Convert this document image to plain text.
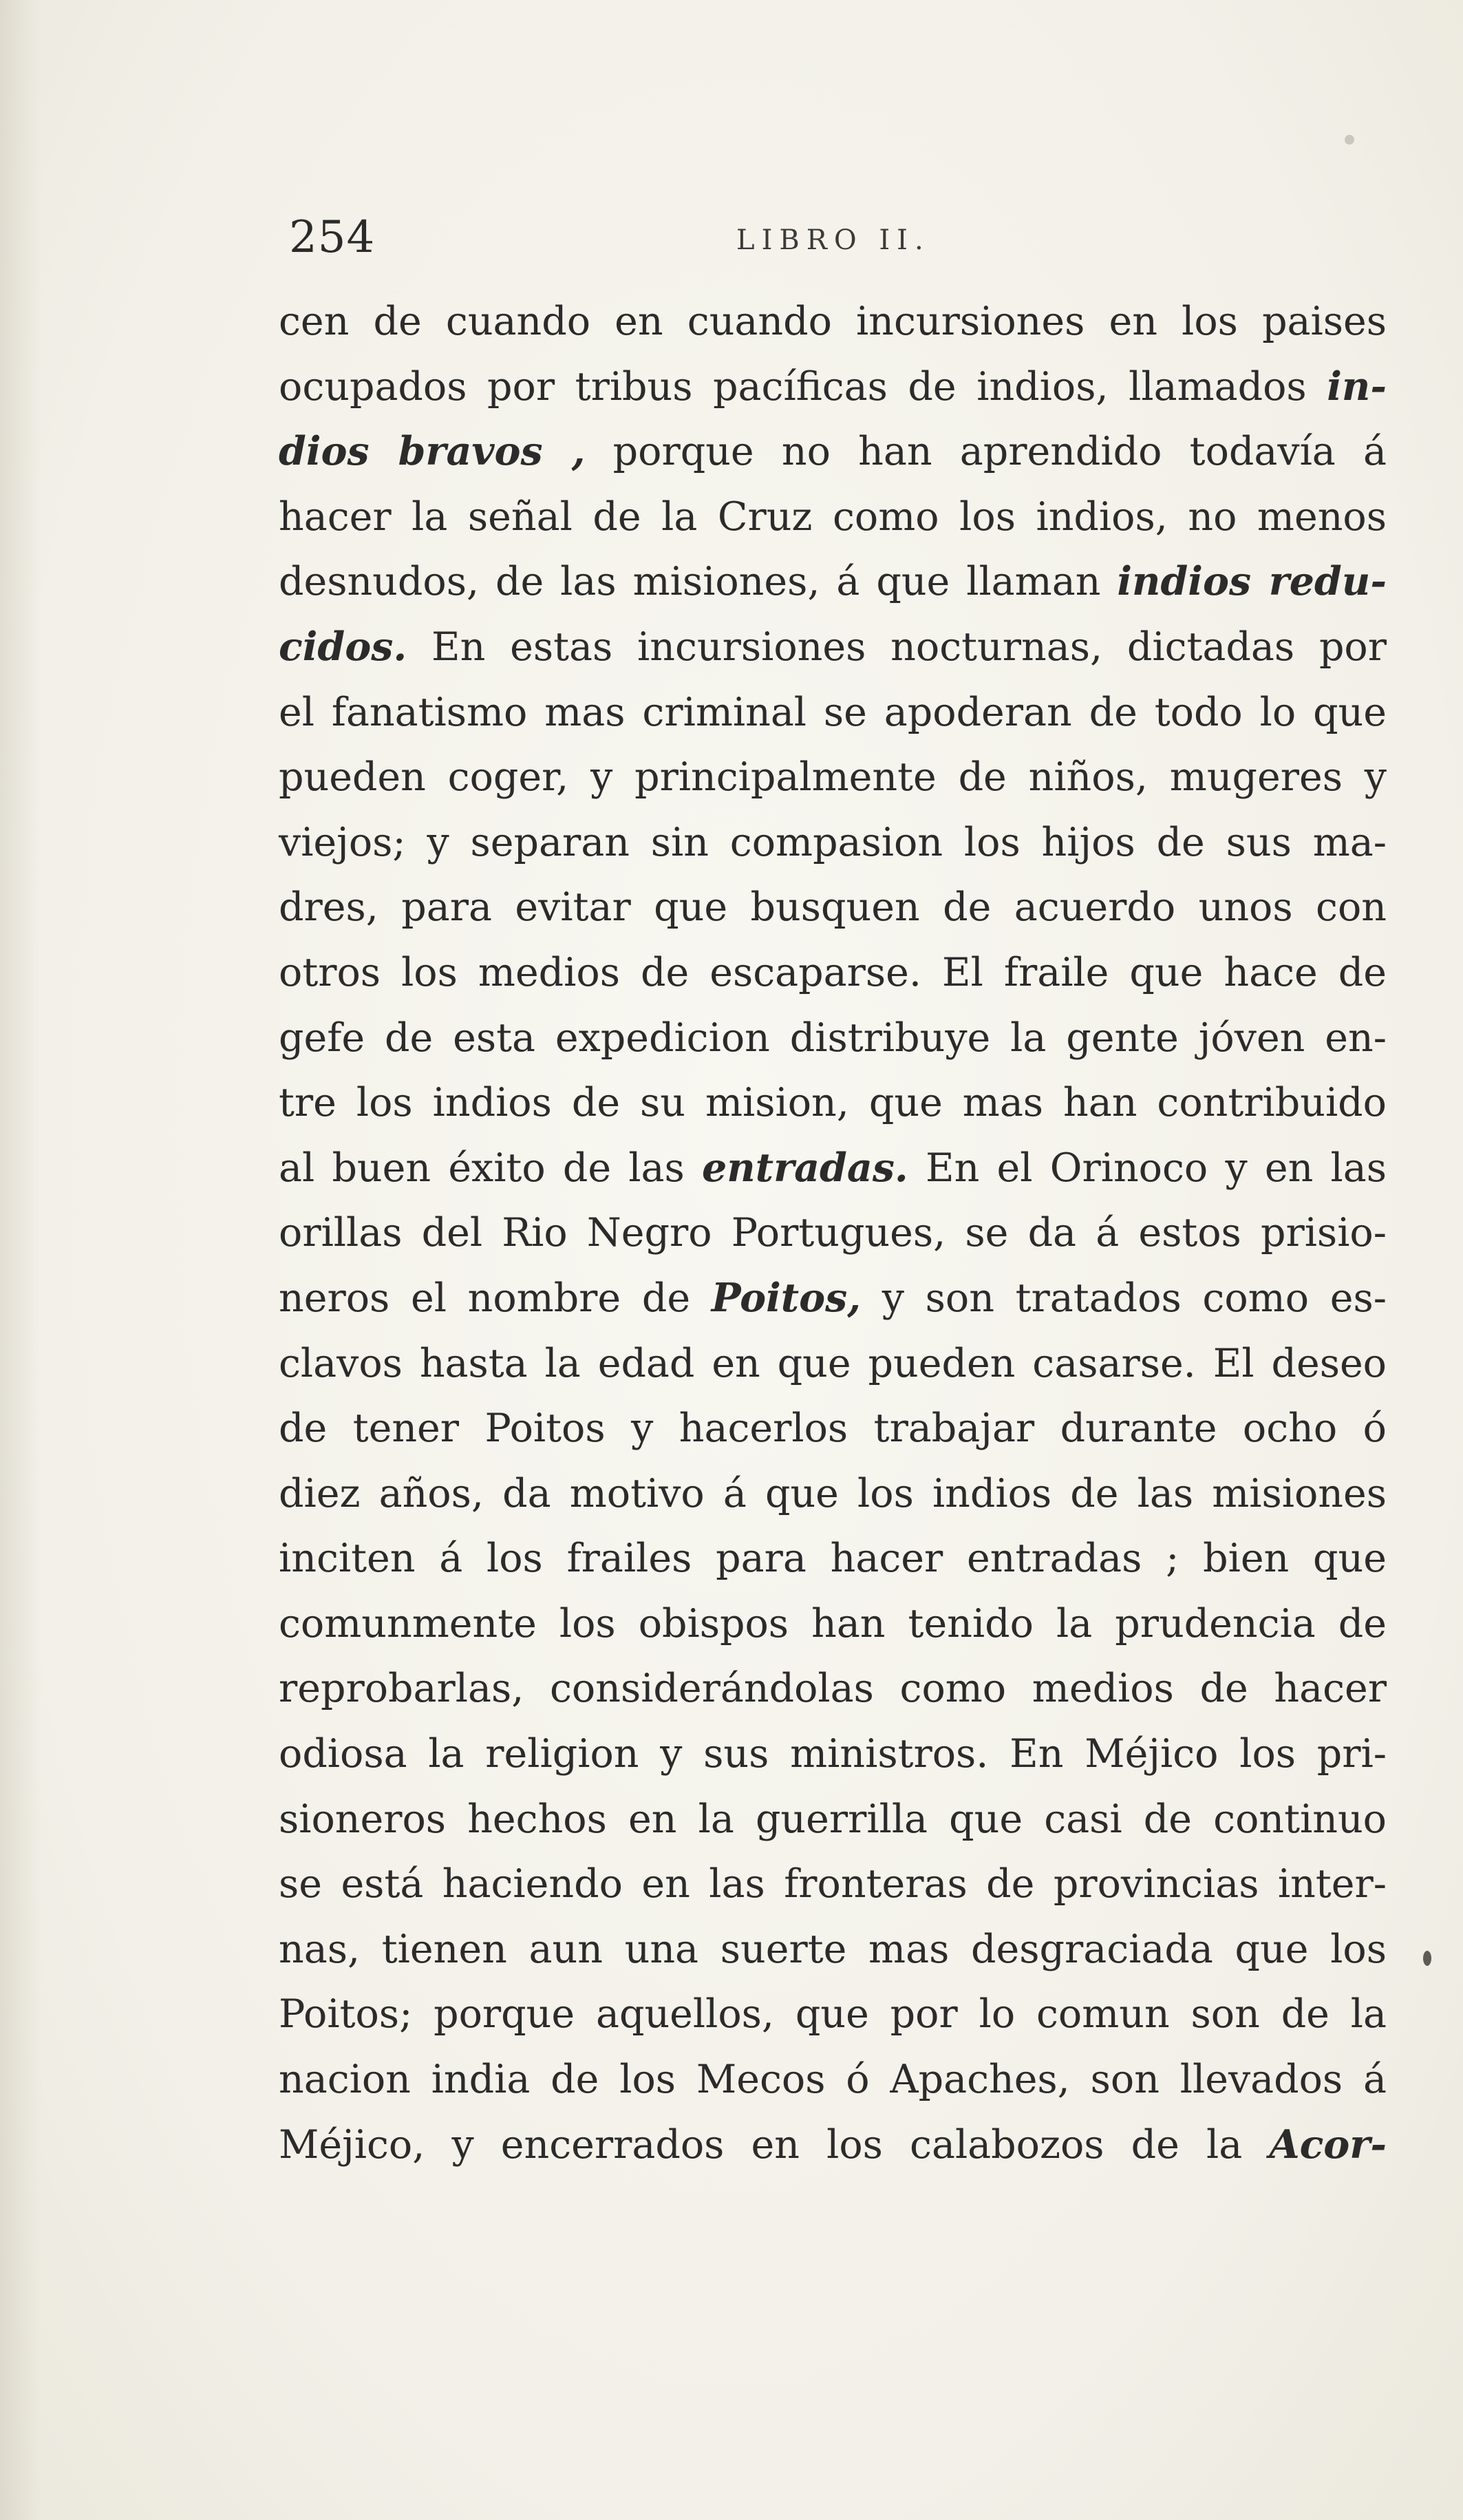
254	LIBRO II.
cen de cuando en cuando incursiones en los paises
ocupados por tribus pacíficas de indios, llamados in-
dios bravos , porque no han aprendido todavía á
hacer la señal de la Cruz como los indios, no menos
desnudos, de las misiones, á que llaman indios redu-
cidos. En estas incursiones nocturnas, dictadas por
el fanatismo mas criminal se apoderan de todo lo que
pueden coger, y principalmente de niños, mugeres y
viejos; y separan sin compasion los hijos de sus ma-
dres, para evitar que busquen de acuerdo unos con
otros los medios de escaparse. El fraile que hace de
gefe de esta expedicion distribuye la gente jóven en-
tre los indios de su mision, que mas han contribuido
al buen éxito de las entradas. En el Orinoco y en las
orillas del Rio Negro Portugues, se da á estos prisio-
neros el nombre de Poitos, y son tratados como es-
clavos hasta la edad en que pueden casarse. El deseo
de tener Poitos y hacerlos trabajar durante ocho ó
diez años, da motivo á que los indios de las misiones
inciten á los frailes para hacer entradas ; bien que
comunmente los obispos han tenido la prudencia de
reprobarlas, considerándolas como medios de hacer
odiosa la religion y sus ministros. En Méjico los pri-
sioneros hechos en la guerrilla que casi de continuo
se está haciendo en las fronteras de provincias inter-
nas, tienen aun una suerte mas desgraciada que los
Poitos; porque aquellos, que por lo comun son de la
nacion india de los Mecos ó Apaches, son llevados á
Méjico, y encerrados en los calabozos de la Acor-
